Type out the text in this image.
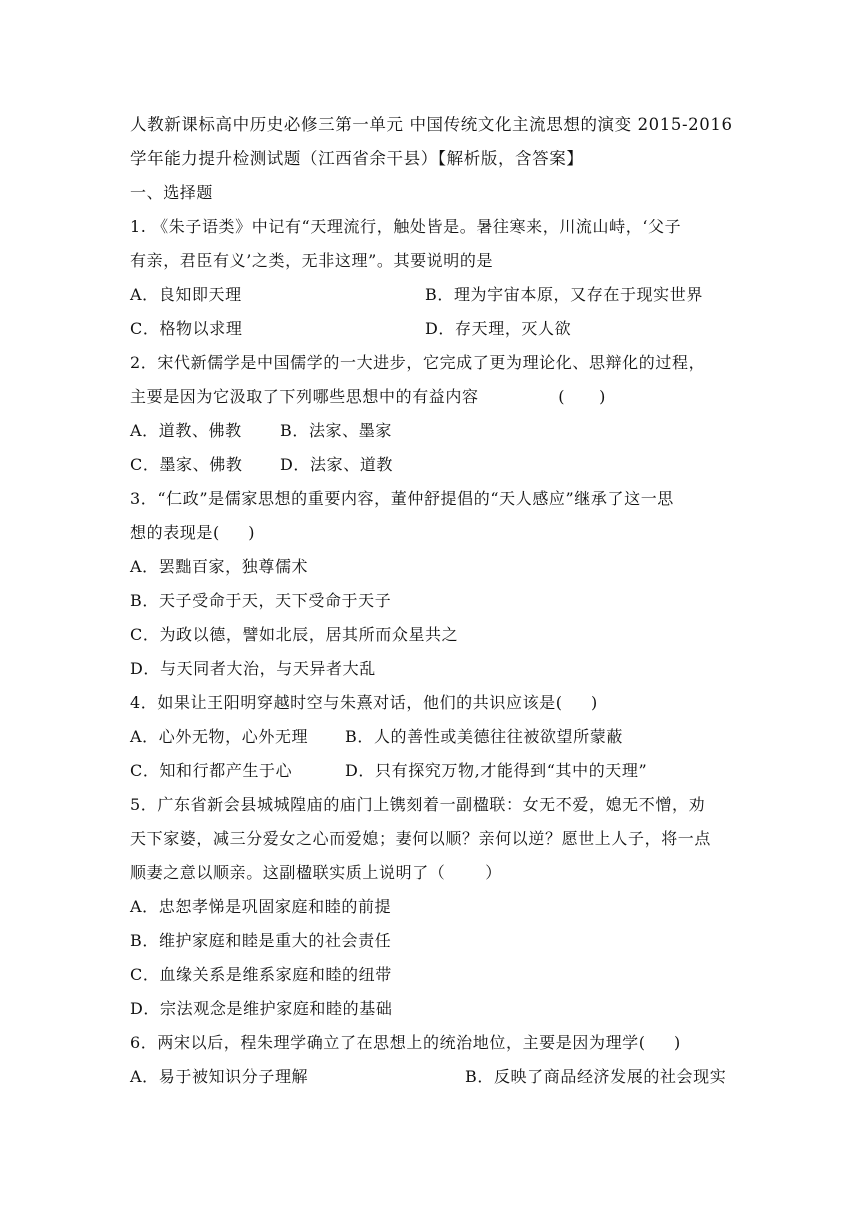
人教新课标高中历史必修三第一单元 中国传统文化主流思想的演变 2015-2016
学年能力提升检测试题（江西省余干县）【解析版，含答案】
一、选择题
1. 《朱子语类》中记有“天理流行，触处皆是。暑往寒来，川流山峙，‘父子
有亲，君臣有义’之类，无非这理”。其要说明的是
A．良知即天理	B．理为宇宙本原，又存在于现实世界
C．格物以求理	D．存天理，灭人欲
2．宋代新儒学是中国儒学的一大进步，它完成了更为理论化、思辩化的过程，
主要是因为它汲取了下列哪些思想中的有益内容              (      )
A．道教、佛教	B．法家、墨家
C．墨家、佛教	D．法家、道教
3．“仁政”是儒家思想的重要内容，董仲舒提倡的“天人感应”继承了这一思
想的表现是(     )
A．罢黜百家，独尊儒术
B．天子受命于天，天下受命于天子
C．为政以德，譬如北辰，居其所而众星共之
D．与天同者大治，与天异者大乱
4．如果让王阳明穿越时空与朱熹对话，他们的共识应该是(     )
A．心外无物，心外无理	B．人的善性或美德往往被欲望所蒙蔽
C．知和行都产生于心	D．只有探究万物,才能得到“其中的天理”
5．广东省新会县城城隍庙的庙门上镌刻着一副楹联：女无不爱，媳无不憎，劝
天下家婆，减三分爱女之心而爱媳；妻何以顺？亲何以逆？愿世上人子，将一点
顺妻之意以顺亲。这副楹联实质上说明了（       ）
A．忠恕孝悌是巩固家庭和睦的前提
B．维护家庭和睦是重大的社会责任
C．血缘关系是维系家庭和睦的纽带
D．宗法观念是维护家庭和睦的基础
6．两宋以后，程朱理学确立了在思想上的统治地位，主要是因为理学(     )
A．易于被知识分子理解	B．反映了商品经济发展的社会现实
